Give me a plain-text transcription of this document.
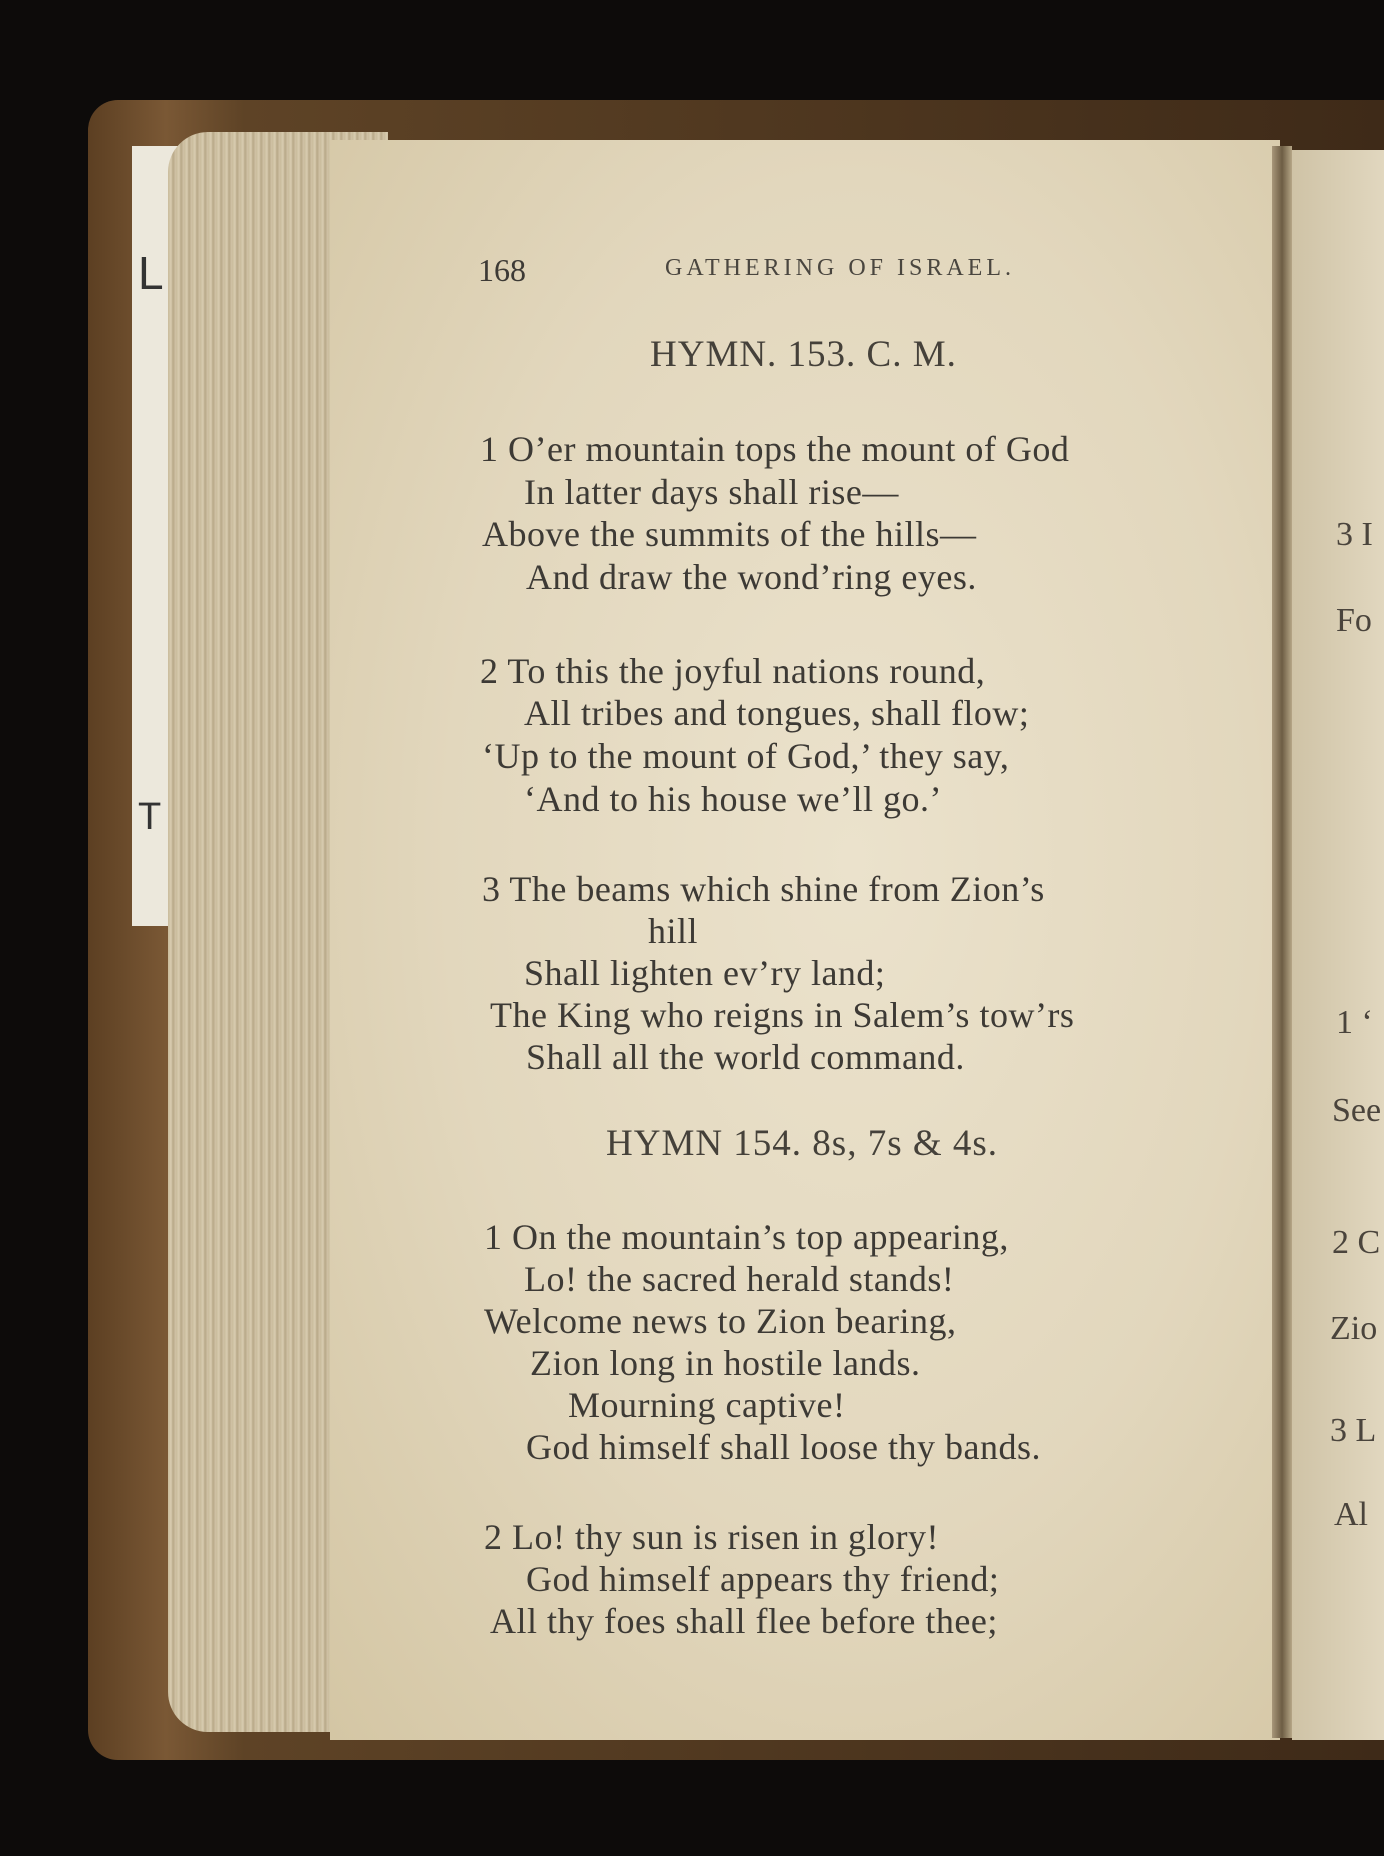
L
T
3 I
Fo
1 ‘
See
2 C
Zio
3 L
Al
168	GATHERING OF ISRAEL.
HYMN. 153. C. M.
1 O’er mountain tops the mount of God
In latter days shall rise—
Above the summits of the hills—
And draw the wond’ring eyes.
2 To this the joyful nations round,
All tribes and tongues, shall flow;
‘Up to the mount of God,’ they say,
‘And to his house we’ll go.’
3 The beams which shine from Zion’s
hill
Shall lighten ev’ry land;
The King who reigns in Salem’s tow’rs
Shall all the world command.
HYMN 154. 8s, 7s & 4s.
1 On the mountain’s top appearing,
Lo! the sacred herald stands!
Welcome news to Zion bearing,
Zion long in hostile lands.
Mourning captive!
God himself shall loose thy bands.
2 Lo! thy sun is risen in glory!
God himself appears thy friend;
All thy foes shall flee before thee;
